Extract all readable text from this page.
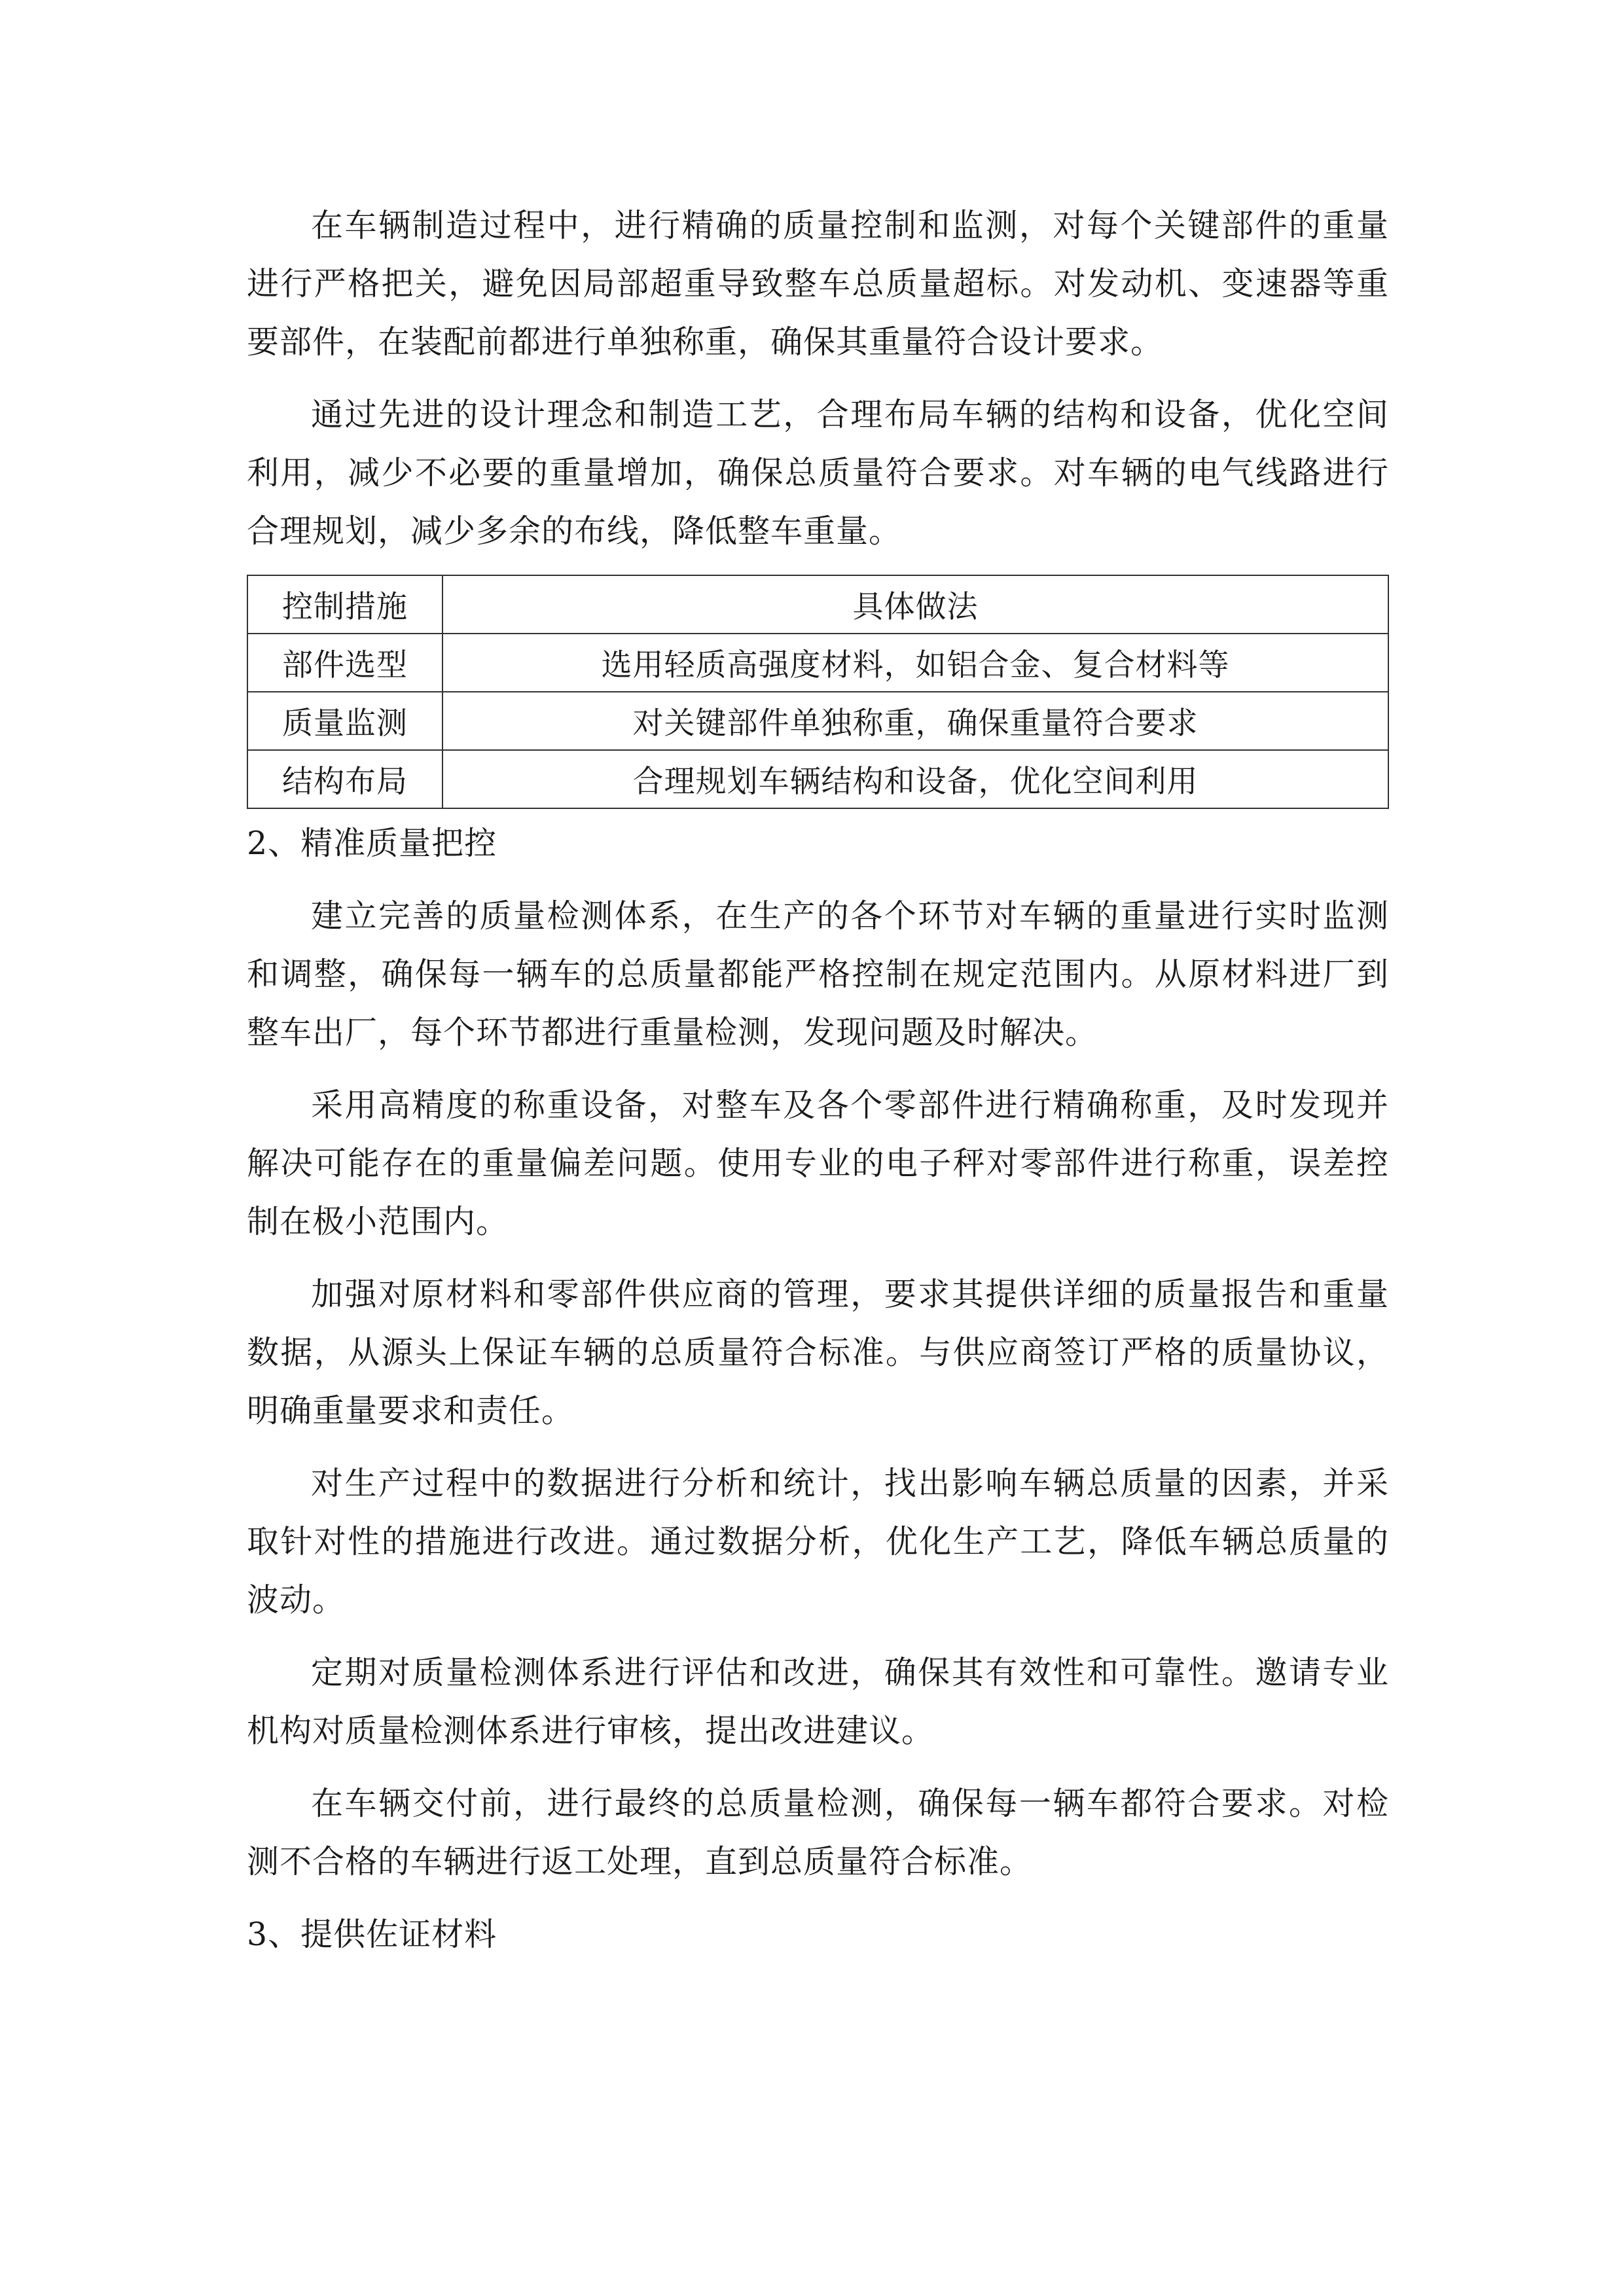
在车辆制造过程中，进行精确的质量控制和监测，对每个关键部件的重量进行严格把关，避免因局部超重导致整车总质量超标。对发动机、变速器等重要部件，在装配前都进行单独称重，确保其重量符合设计要求。

通过先进的设计理念和制造工艺，合理布局车辆的结构和设备，优化空间利用，减少不必要的重量增加，确保总质量符合要求。对车辆的电气线路进行合理规划，减少多余的布线，降低整车重量。

控制措施	具体做法
部件选型	选用轻质高强度材料，如铝合金、复合材料等
质量监测	对关键部件单独称重，确保重量符合要求
结构布局	合理规划车辆结构和设备，优化空间利用
2、精准质量把控

建立完善的质量检测体系，在生产的各个环节对车辆的重量进行实时监测和调整，确保每一辆车的总质量都能严格控制在规定范围内。从原材料进厂到整车出厂，每个环节都进行重量检测，发现问题及时解决。

采用高精度的称重设备，对整车及各个零部件进行精确称重，及时发现并解决可能存在的重量偏差问题。使用专业的电子秤对零部件进行称重，误差控制在极小范围内。

加强对原材料和零部件供应商的管理，要求其提供详细的质量报告和重量数据，从源头上保证车辆的总质量符合标准。与供应商签订严格的质量协议，明确重量要求和责任。

对生产过程中的数据进行分析和统计，找出影响车辆总质量的因素，并采取针对性的措施进行改进。通过数据分析，优化生产工艺，降低车辆总质量的波动。

定期对质量检测体系进行评估和改进，确保其有效性和可靠性。邀请专业机构对质量检测体系进行审核，提出改进建议。

在车辆交付前，进行最终的总质量检测，确保每一辆车都符合要求。对检测不合格的车辆进行返工处理，直到总质量符合标准。

3、提供佐证材料
